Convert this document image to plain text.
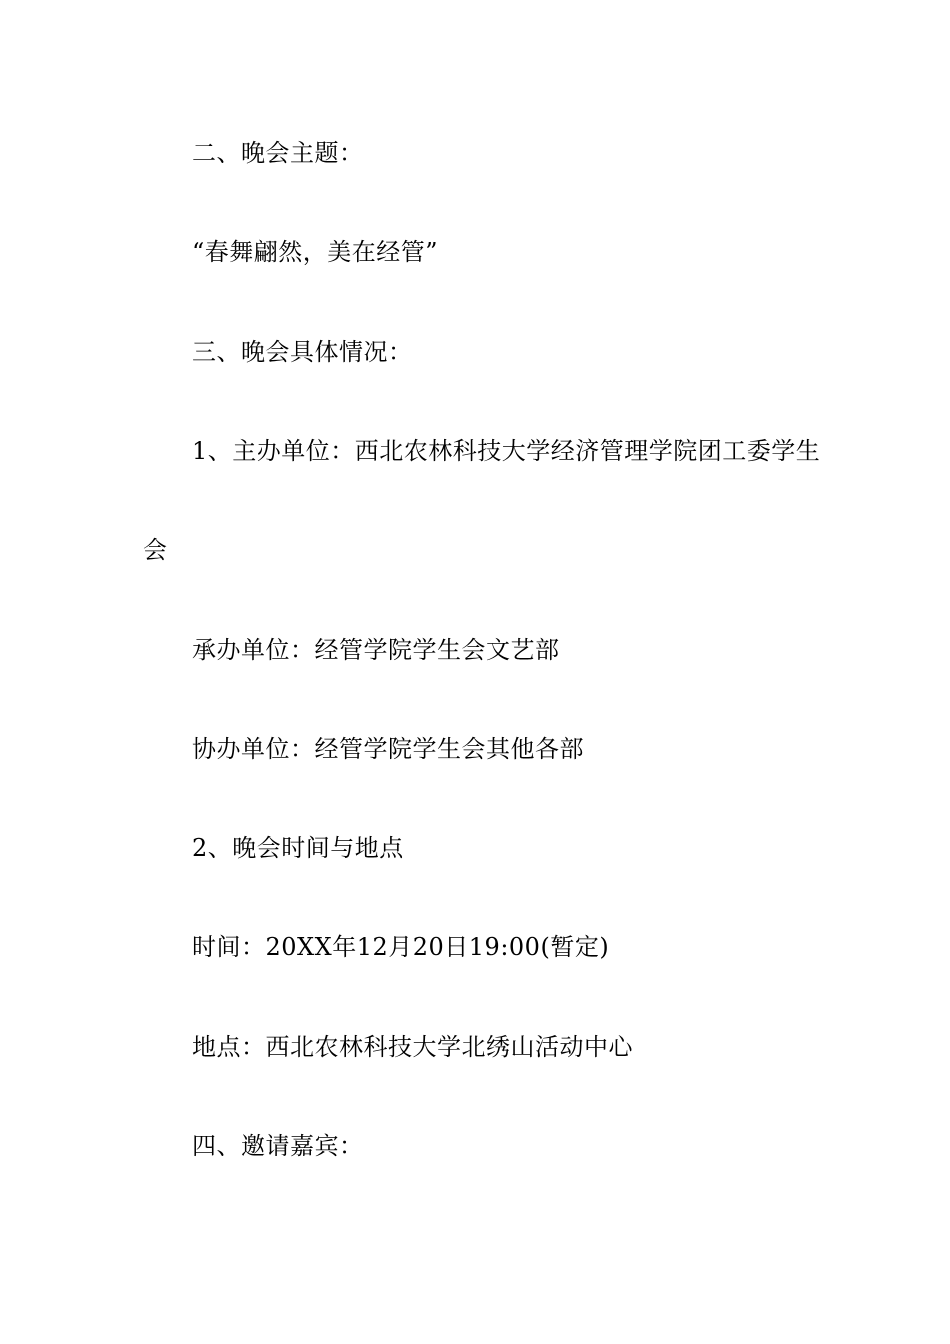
二、晚会主题：
“春舞翩然，美在经管”
三、晚会具体情况：
1、主办单位：西北农林科技大学经济管理学院团工委学生
会
承办单位：经管学院学生会文艺部
协办单位：经管学院学生会其他各部
2、晚会时间与地点
时间：20XX年12月20日19:00(暂定)
地点：西北农林科技大学北绣山活动中心
四、邀请嘉宾：
